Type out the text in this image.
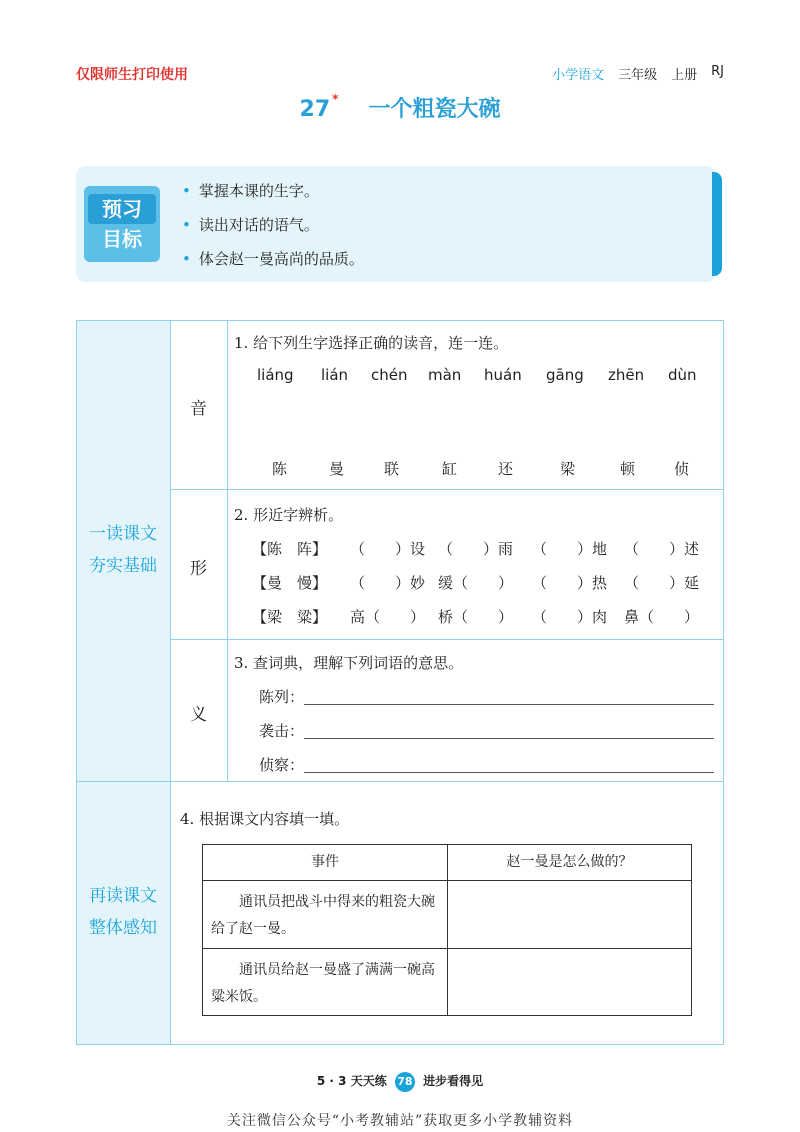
仅限师生打印使用	小学语文 三年级 上册 RJ
27 * 一个粗瓷大碗
预习
目标
• 掌握本课的生字。
• 读出对话的语气。
• 体会赵一曼高尚的品质。
一读课文
夯实基础
音
1. 给下列生字选择正确的读音，连一连。
liáng lián chén màn huán gāng zhēn dùn
陈	曼	联	缸	还	梁	顿	侦
形
2. 形近字辨析。
【陈　阵】 （　　）设 （　　）雨 （　　）地 （　　）述
【曼　慢】 （　　）妙 缓（　　） （　　）热 （　　）延
【梁　粱】 高（　　） 桥（　　） （　　）肉 鼻（　　）
义
3. 查词典，理解下列词语的意思。
陈列：
袭击：
侦察：
再读课文
整体感知
4. 根据课文内容填一填。
事件	赵一曼是怎么做的？
通讯员把战斗中得来的粗瓷大碗给了赵一曼。
通讯员给赵一曼盛了满满一碗高粱米饭。
5 · 3 天天练 78 进步看得见
关注微信公众号“小考教辅站”获取更多小学教辅资料
